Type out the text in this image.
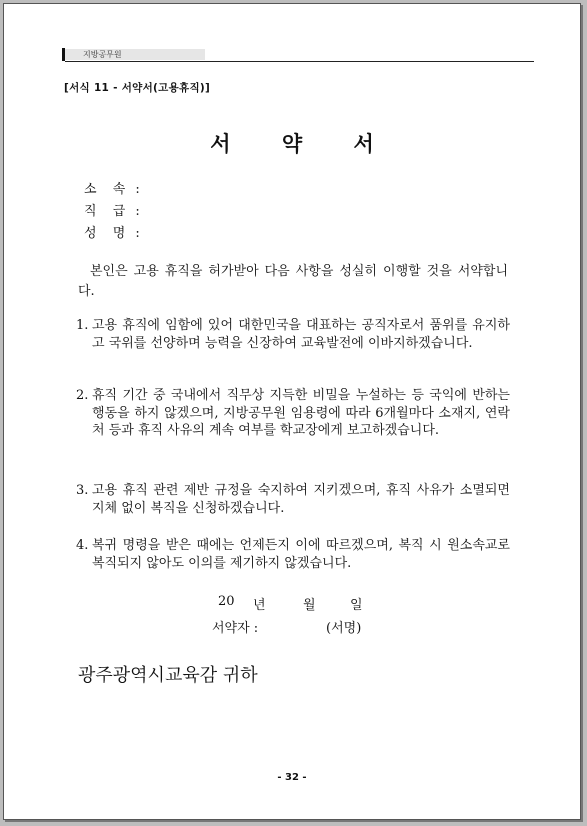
지방공무원
[서식 11 - 서약서(고용휴직)]
서 약 서
소 속 :
직 급 :
성 명 :
본인은 고용 휴직을 허가받아 다음 사항을 성실히 이행할 것을 서약합니다.
1. 고용 휴직에 임함에 있어 대한민국을 대표하는 공직자로서 품위를 유지하고 국위를 선양하며 능력을 신장하여 교육발전에 이바지하겠습니다.
2. 휴직 기간 중 국내에서 직무상 지득한 비밀을 누설하는 등 국익에 반하는 행동을 하지 않겠으며, 지방공무원 임용령에 따라 6개월마다 소재지, 연락처 등과 휴직 사유의 계속 여부를 학교장에게 보고하겠습니다.
3. 고용 휴직 관련 제반 규정을 숙지하여 지키겠으며, 휴직 사유가 소멸되면 지체 없이 복직을 신청하겠습니다.
4. 복귀 명령을 받은 때에는 언제든지 이에 따르겠으며, 복직 시 원소속교로 복직되지 않아도 이의를 제기하지 않겠습니다.
20 년	월	일
서약자 :	(서명)
광주광역시교육감 귀하
- 32 -
